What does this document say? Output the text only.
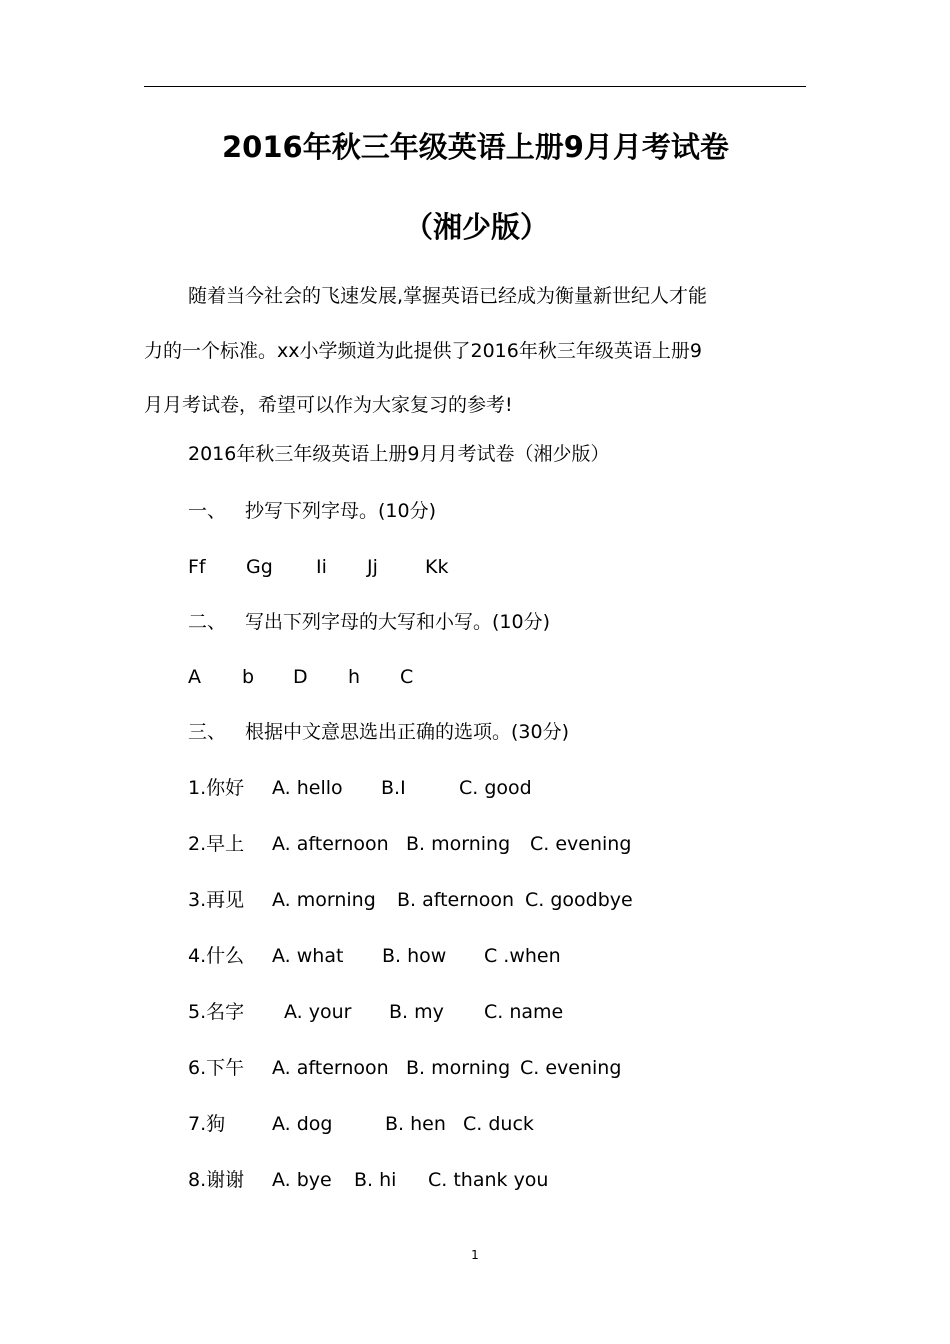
2016年秋三年级英语上册9月月考试卷
（湘少版）

随着当今社会的飞速发展,掌握英语已经成为衡量新世纪人才能

力的一个标准。xx小学频道为此提供了2016年秋三年级英语上册9

月月考试卷，希望可以作为大家复习的参考!

2016年秋三年级英语上册9月月考试卷（湘少版）

一、 抄写下列字母。(10分)
Ff Gg Ii Jj Kk
二、 写出下列字母的大写和小写。(10分)
A b D h C
三、 根据中文意思选出正确的选项。(30分)
1.你好 A. hello B.I	C. good
2.早上 A. afternoon B. morning C. evening
3.再见 A. morning B. afternoon C. goodbye
4.什么 A. what B. how C .when
5.名字 A. your B. my C. name
6.下午 A. afternoon B. morning C. evening
7.狗 A. dog	B. hen C. duck
8.谢谢 A. bye B. hi C. thank you
1
